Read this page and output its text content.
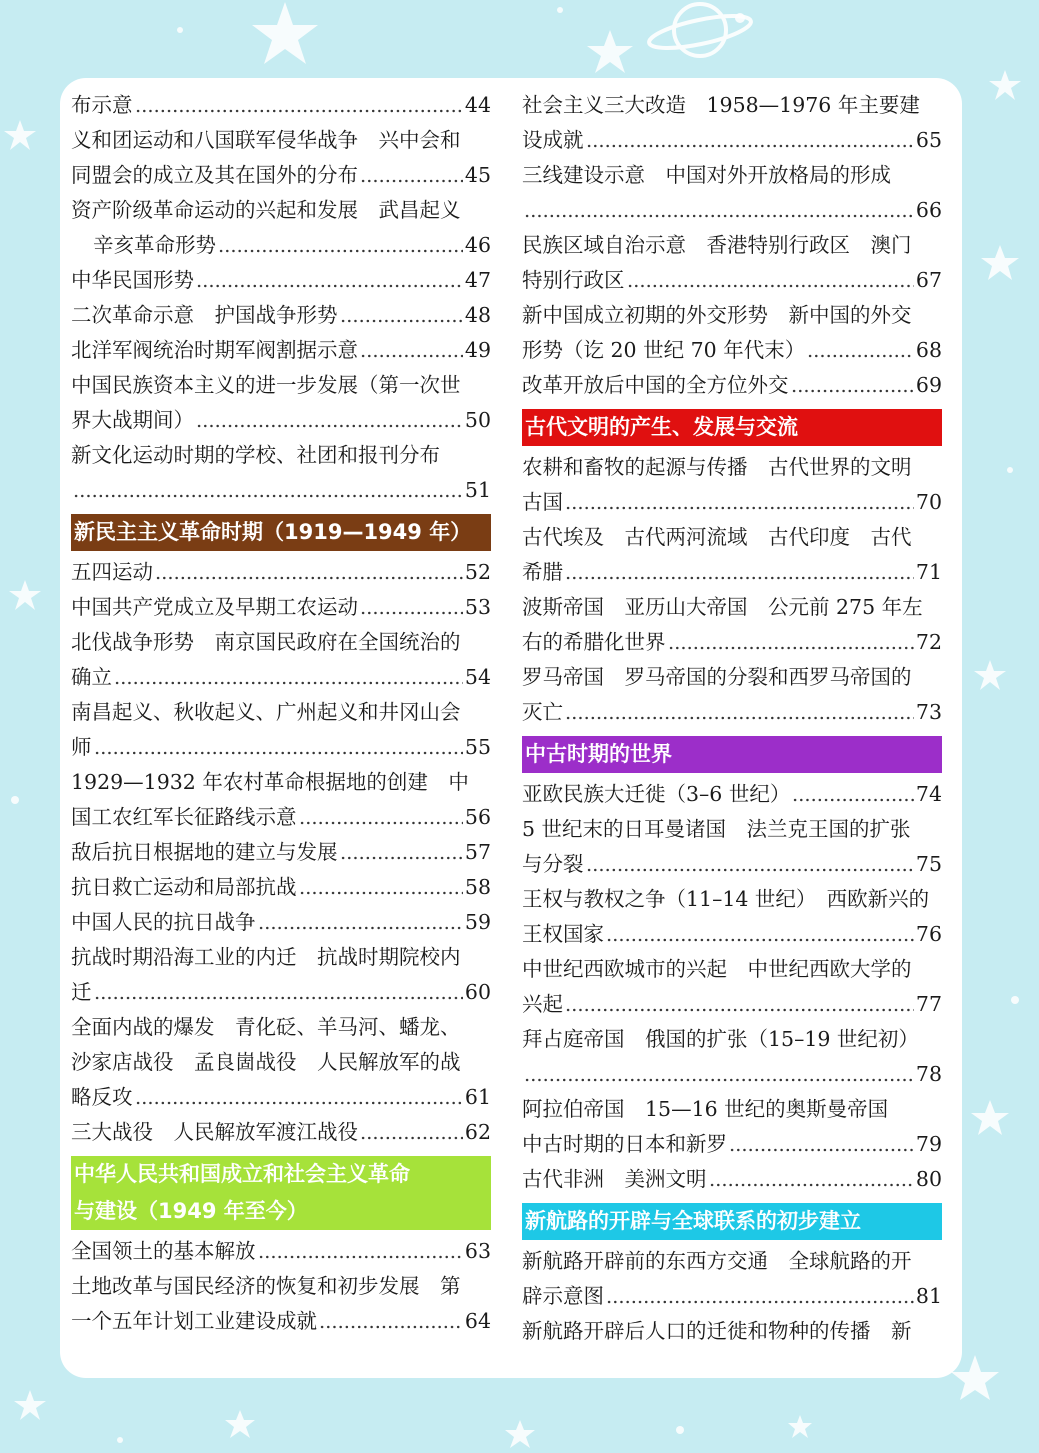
布示意	44
义和团运动和八国联军侵华战争　兴中会和
同盟会的成立及其在国外的分布	45
资产阶级革命运动的兴起和发展　武昌起义
辛亥革命形势	46
中华民国形势	47
二次革命示意　护国战争形势	48
北洋军阀统治时期军阀割据示意	49
中国民族资本主义的进一步发展（第一次世
界大战期间）	50
新文化运动时期的学校、社团和报刊分布
51
新民主主义革命时期（1919—1949 年）
五四运动	52
中国共产党成立及早期工农运动	53
北伐战争形势　南京国民政府在全国统治的
确立	54
南昌起义、秋收起义、广州起义和井冈山会
师	55
1929—1932 年农村革命根据地的创建　中
国工农红军长征路线示意	56
敌后抗日根据地的建立与发展	57
抗日救亡运动和局部抗战	58
中国人民的抗日战争	59
抗战时期沿海工业的内迁　抗战时期院校内
迁	60
全面内战的爆发　青化砭、羊马河、蟠龙、
沙家店战役　孟良崮战役　人民解放军的战
略反攻	61
三大战役　人民解放军渡江战役	62
中华人民共和国成立和社会主义革命
与建设（1949 年至今）
全国领土的基本解放	63
土地改革与国民经济的恢复和初步发展　第
一个五年计划工业建设成就	64
社会主义三大改造　1958—1976 年主要建
设成就	65
三线建设示意　中国对外开放格局的形成
66
民族区域自治示意　香港特别行政区　澳门
特别行政区	67
新中国成立初期的外交形势　新中国的外交
形势（讫 20 世纪 70 年代末）	68
改革开放后中国的全方位外交	69
古代文明的产生、发展与交流
农耕和畜牧的起源与传播　古代世界的文明
古国	70
古代埃及　古代两河流域　古代印度　古代
希腊	71
波斯帝国　亚历山大帝国　公元前 275 年左
右的希腊化世界	72
罗马帝国　罗马帝国的分裂和西罗马帝国的
灭亡	73
中古时期的世界
亚欧民族大迁徙（3–6 世纪）	74
5 世纪末的日耳曼诸国　法兰克王国的扩张
与分裂	75
王权与教权之争（11–14 世纪）　西欧新兴的
王权国家	76
中世纪西欧城市的兴起　中世纪西欧大学的
兴起	77
拜占庭帝国　俄国的扩张（15–19 世纪初）
78
阿拉伯帝国　15—16 世纪的奥斯曼帝国
中古时期的日本和新罗	79
古代非洲　美洲文明	80
新航路的开辟与全球联系的初步建立
新航路开辟前的东西方交通　全球航路的开
辟示意图	81
新航路开辟后人口的迁徙和物种的传播　新
